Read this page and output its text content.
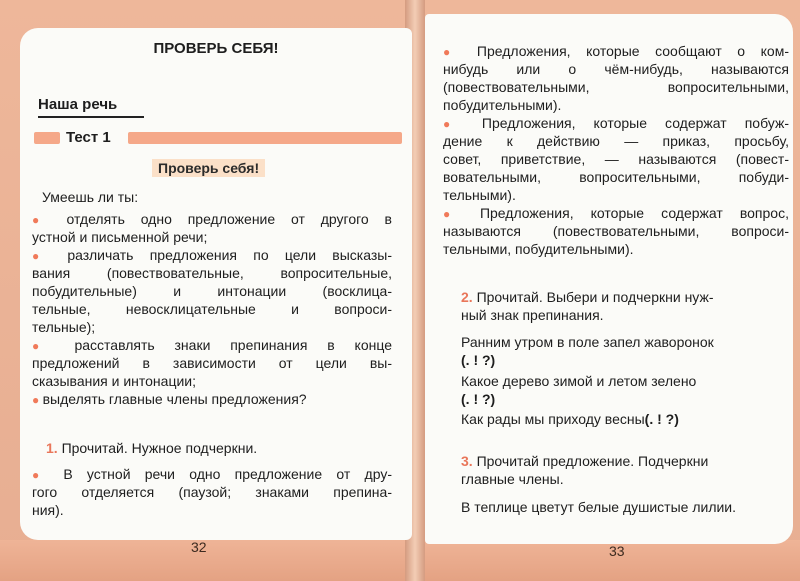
ПРОВЕРЬ СЕБЯ!
Наша речь
Тест 1
Проверь себя!
Умеешь ли ты:
● отделять одно предложение от другого в
устной и письменной речи;
● различать предложения по цели высказы-
вания (повествовательные, вопросительные,
побудительные) и интонации (восклица-
тельные, невосклицательные и вопроси-
тельные);
● расставлять знаки препинания в конце
предложений в зависимости от цели вы-
сказывания и интонации;
● выделять главные члены предложения?
1. Прочитай. Нужное подчеркни.
● В устной речи одно предложение от дру-
гого отделяется (паузой; знаками препина-
ния).
32
● Предложения, которые сообщают о ком-
нибудь или о чём-нибудь, называются
(повествовательными, вопросительными,
побудительными).
● Предложения, которые содержат побуж-
дение к действию — приказ, просьбу,
совет, приветствие, — называются (повест-
вовательными, вопросительными, побуди-
тельными).
● Предложения, которые содержат вопрос,
называются (повествовательными, вопроси-
тельными, побудительными).
2. Прочитай. Выбери и подчеркни нуж-
ный знак препинания.
Ранним утром в поле запел жаворонок
(. ! ?)
Какое дерево зимой и летом зелено
(. ! ?)
Как рады мы приходу весны(. ! ?)
3. Прочитай предложение. Подчеркни
главные члены.
В теплице цветут белые душистые лилии.
33
